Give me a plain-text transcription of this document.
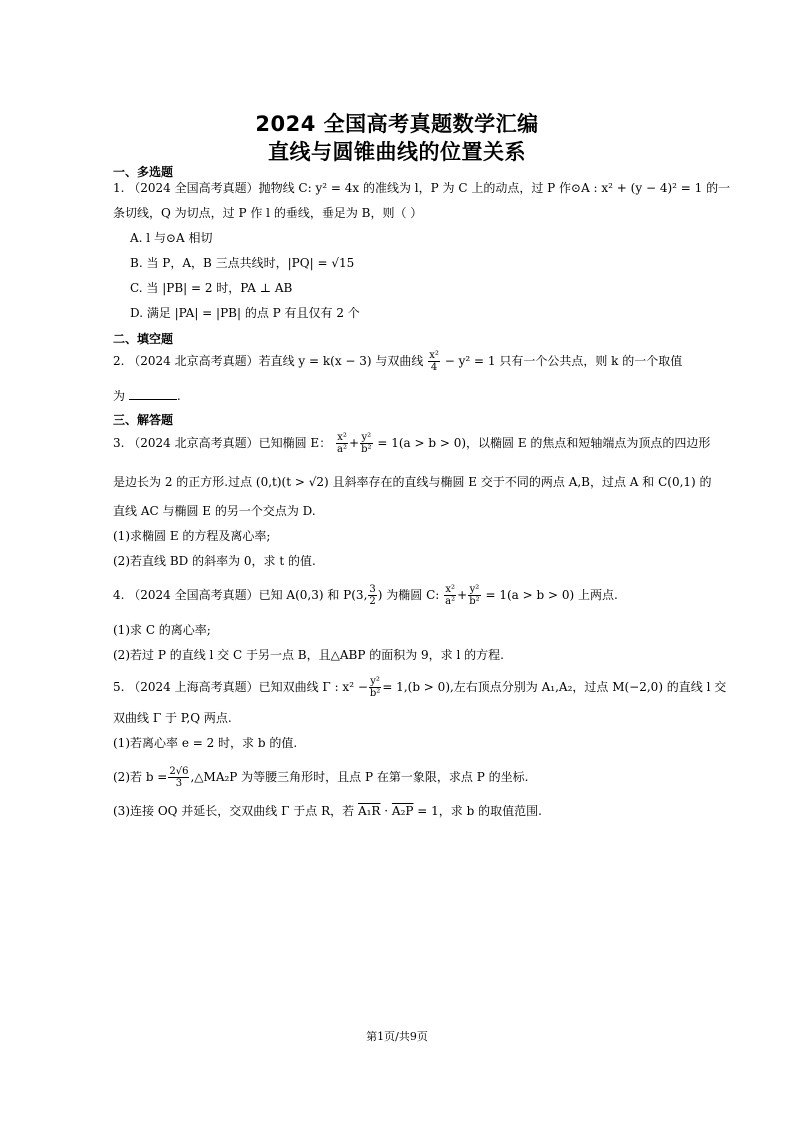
2024 全国高考真题数学汇编
直线与圆锥曲线的位置关系
一、多选题
1. （2024 全国高考真题）抛物线 C: y² = 4x 的准线为 l，P 为 C 上的动点，过 P 作⊙A : x² + (y − 4)² = 1 的一
条切线，Q 为切点，过 P 作 l 的垂线，垂足为 B，则（ ）
A. l 与⊙A 相切
B. 当 P，A，B 三点共线时，|PQ| = √15
C. 当 |PB| = 2 时，PA ⊥ AB
D. 满足 |PA| = |PB| 的点 P 有且仅有 2 个
二、填空题
2. （2024 北京高考真题）若直线 y = k(x − 3) 与双曲线 $\frac{\text{x²}}{4} - y^2 = 1$ 只有一个公共点，则 k 的一个取值
为	.
三、解答题
3. （2024 北京高考真题）已知椭圆 E： $\frac{\text{x²}}{\text{a²}} + \frac{\text{y²}}{\text{b²}} = 1(a > b > 0)$，以椭圆 E 的焦点和短轴端点为顶点的四边形
是边长为 2 的正方形.过点 (0,t)(t > √2) 且斜率存在的直线与椭圆 E 交于不同的两点 A,B，过点 A 和 C(0,1) 的
直线 AC 与椭圆 E 的另一个交点为 D.
(1)求椭圆 E 的方程及离心率;
(2)若直线 BD 的斜率为 0，求 t 的值.
4. （2024 全国高考真题）已知 A(0,3) 和 P(3, $\frac{3}{2}$ ) 为椭圆 C: $\frac{\text{x²}}{\text{a²}} + \frac{\text{y²}}{\text{b²}} = 1(a > b > 0)$ 上两点.
(1)求 C 的离心率;
(2)若过 P 的直线 l 交 C 于另一点 B，且△ABP 的面积为 9，求 l 的方程.
5. （2024 上海高考真题）已知双曲线 Γ : $x^2 - \frac{\text{y²}}{\text{b²}} = 1,(b > 0)$,左右顶点分别为 A₁,A₂，过点 M(−2,0) 的直线 l 交
双曲线 Γ 于 P,Q 两点.
(1)若离心率 e = 2 时，求 b 的值.
(2)若 $b = \frac{2√6}{3}$ ,△MA₂P 为等腰三角形时，且点 P 在第一象限，求点 P 的坐标.
(3)连接 OQ 并延长，交双曲线 Γ 于点 R，若 A₁R · A₂P = 1，求 b 的取值范围.
第1页/共9页
